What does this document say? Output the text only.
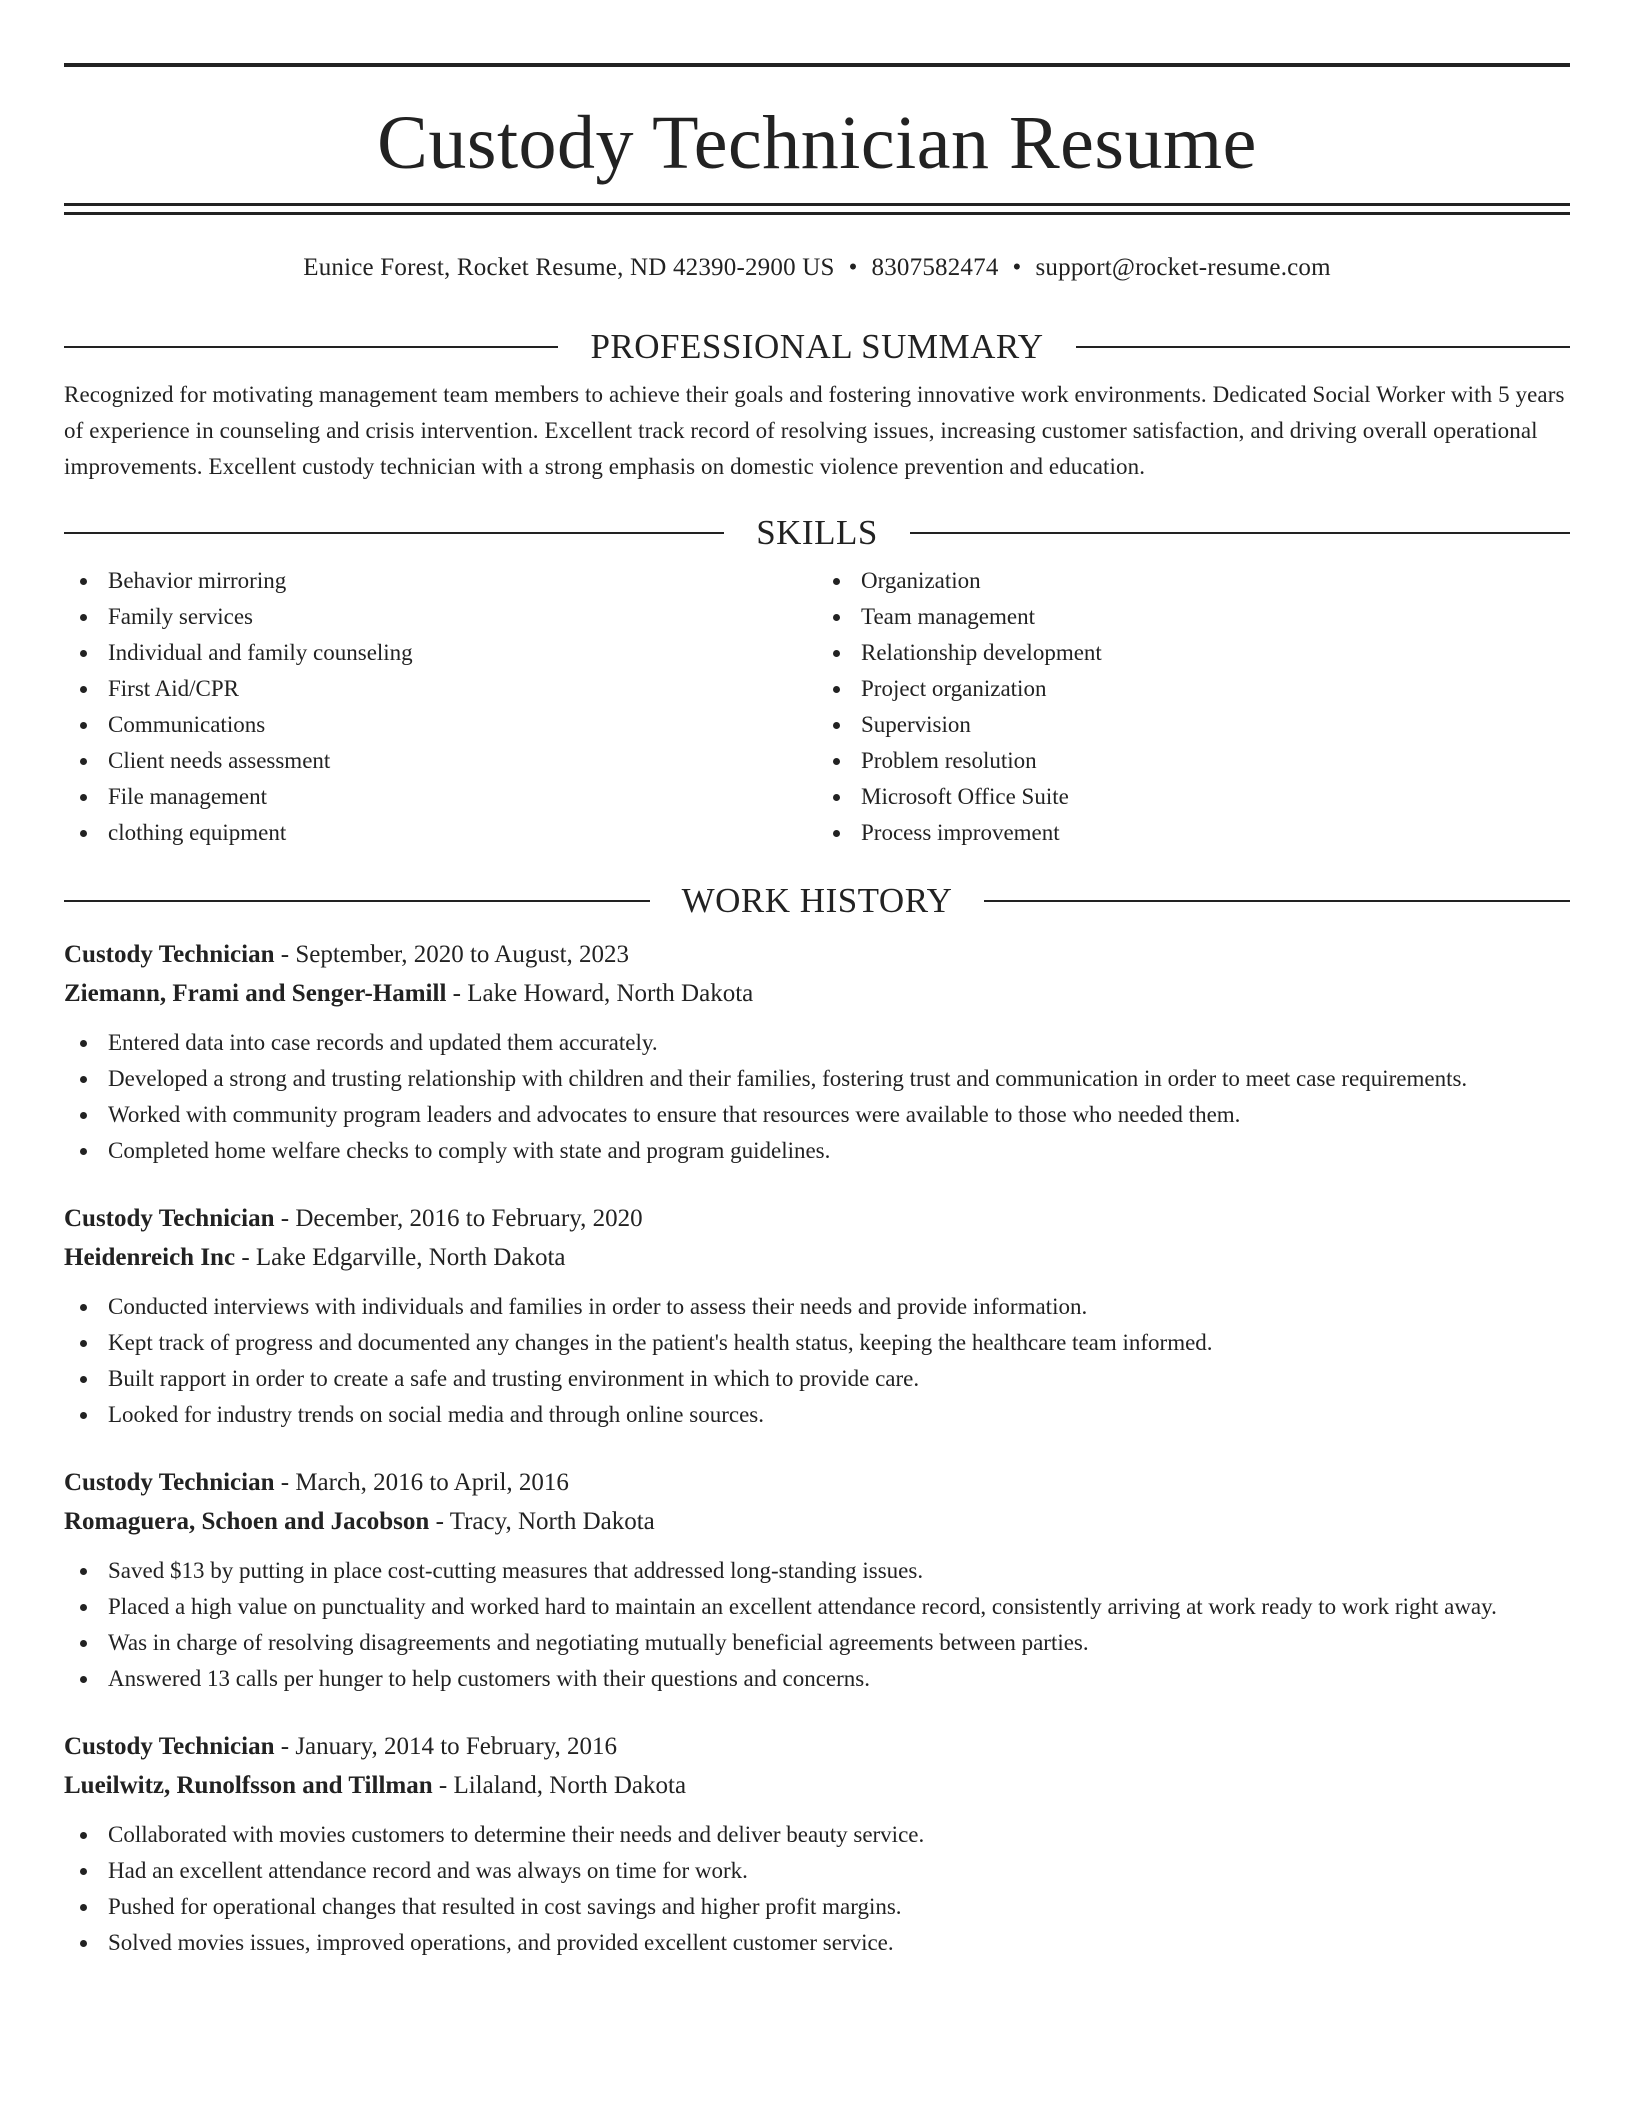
Custody Technician Resume
Eunice Forest, Rocket Resume, ND 42390-2900 US • 8307582474 • support@rocket-resume.com
PROFESSIONAL SUMMARY
Recognized for motivating management team members to achieve their goals and fostering innovative work environments. Dedicated Social Worker with 5 years of experience in counseling and crisis intervention. Excellent track record of resolving issues, increasing customer satisfaction, and driving overall operational improvements. Excellent custody technician with a strong emphasis on domestic violence prevention and education.
SKILLS
Behavior mirroring
Family services
Individual and family counseling
First Aid/CPR
Communications
Client needs assessment
File management
clothing equipment
Organization
Team management
Relationship development
Project organization
Supervision
Problem resolution
Microsoft Office Suite
Process improvement
WORK HISTORY
Custody Technician - September, 2020 to August, 2023
Ziemann, Frami and Senger-Hamill - Lake Howard, North Dakota
Entered data into case records and updated them accurately.
Developed a strong and trusting relationship with children and their families, fostering trust and communication in order to meet case requirements.
Worked with community program leaders and advocates to ensure that resources were available to those who needed them.
Completed home welfare checks to comply with state and program guidelines.
Custody Technician - December, 2016 to February, 2020
Heidenreich Inc - Lake Edgarville, North Dakota
Conducted interviews with individuals and families in order to assess their needs and provide information.
Kept track of progress and documented any changes in the patient's health status, keeping the healthcare team informed.
Built rapport in order to create a safe and trusting environment in which to provide care.
Looked for industry trends on social media and through online sources.
Custody Technician - March, 2016 to April, 2016
Romaguera, Schoen and Jacobson - Tracy, North Dakota
Saved $13 by putting in place cost-cutting measures that addressed long-standing issues.
Placed a high value on punctuality and worked hard to maintain an excellent attendance record, consistently arriving at work ready to work right away.
Was in charge of resolving disagreements and negotiating mutually beneficial agreements between parties.
Answered 13 calls per hunger to help customers with their questions and concerns.
Custody Technician - January, 2014 to February, 2016
Lueilwitz, Runolfsson and Tillman - Lilaland, North Dakota
Collaborated with movies customers to determine their needs and deliver beauty service.
Had an excellent attendance record and was always on time for work.
Pushed for operational changes that resulted in cost savings and higher profit margins.
Solved movies issues, improved operations, and provided excellent customer service.
